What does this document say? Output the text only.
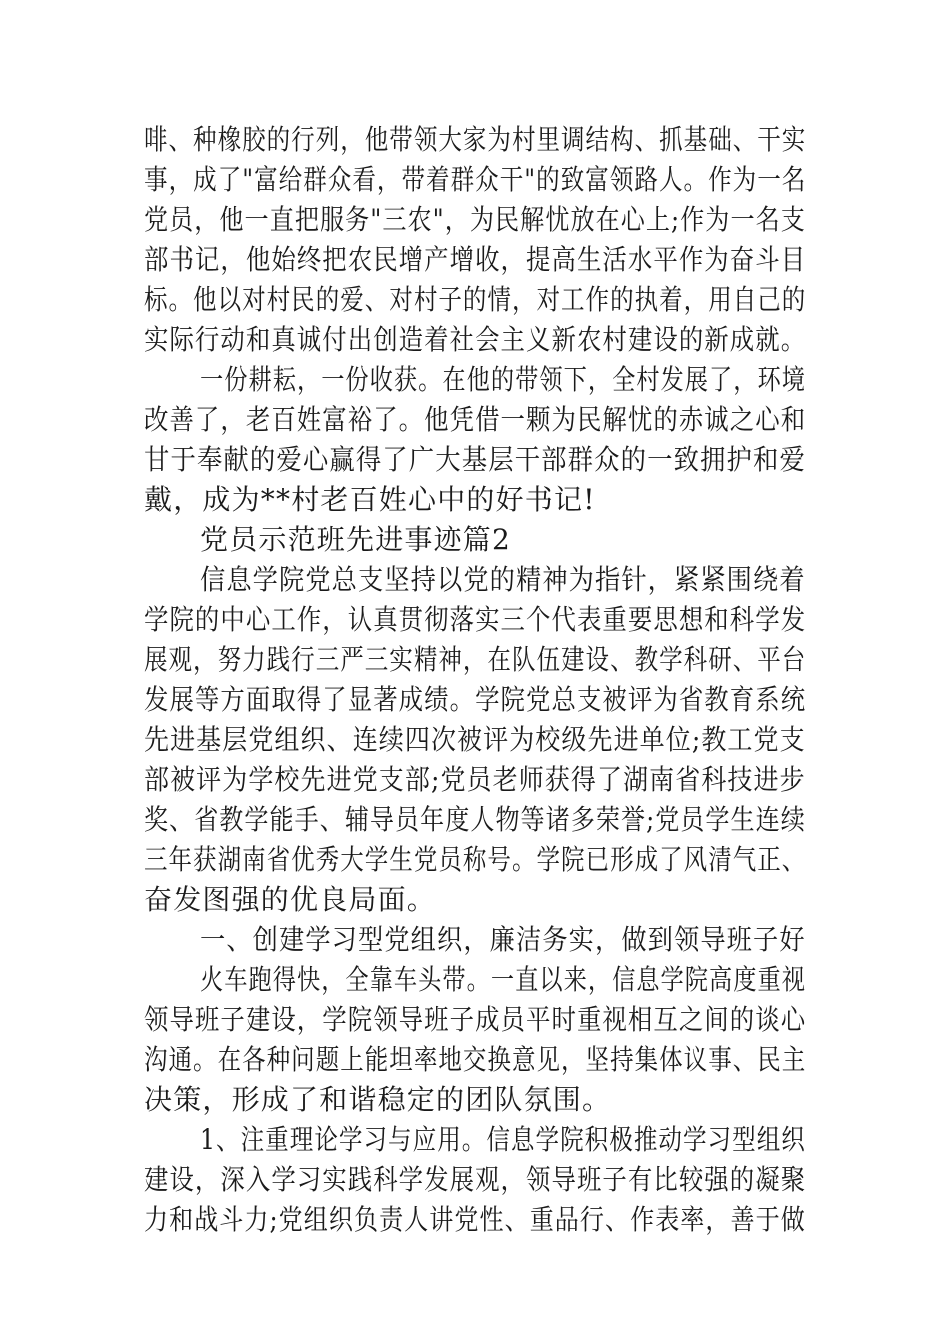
啡、种橡胶的行列，他带领大家为村里调结构、抓基础、干实
事，成了"富给群众看，带着群众干"的致富领路人。作为一名
党员，他一直把服务"三农"，为民解忧放在心上;作为一名支
部书记，他始终把农民增产增收，提高生活水平作为奋斗目
标。他以对村民的爱、对村子的情，对工作的执着，用自己的
实际行动和真诚付出创造着社会主义新农村建设的新成就。
一份耕耘，一份收获。在他的带领下，全村发展了，环境
改善了，老百姓富裕了。他凭借一颗为民解忧的赤诚之心和
甘于奉献的爱心赢得了广大基层干部群众的一致拥护和爱
戴，成为**村老百姓心中的好书记!
党员示范班先进事迹篇2
信息学院党总支坚持以党的精神为指针，紧紧围绕着
学院的中心工作，认真贯彻落实三个代表重要思想和科学发
展观，努力践行三严三实精神，在队伍建设、教学科研、平台
发展等方面取得了显著成绩。学院党总支被评为省教育系统
先进基层党组织、连续四次被评为校级先进单位;教工党支
部被评为学校先进党支部;党员老师获得了湖南省科技进步
奖、省教学能手、辅导员年度人物等诸多荣誉;党员学生连续
三年获湖南省优秀大学生党员称号。学院已形成了风清气正、
奋发图强的优良局面。
一、创建学习型党组织，廉洁务实，做到领导班子好
火车跑得快，全靠车头带。一直以来，信息学院高度重视
领导班子建设，学院领导班子成员平时重视相互之间的谈心
沟通。在各种问题上能坦率地交换意见，坚持集体议事、民主
决策，形成了和谐稳定的团队氛围。
1、注重理论学习与应用。信息学院积极推动学习型组织
建设，深入学习实践科学发展观，领导班子有比较强的凝聚
力和战斗力;党组织负责人讲党性、重品行、作表率，善于做
